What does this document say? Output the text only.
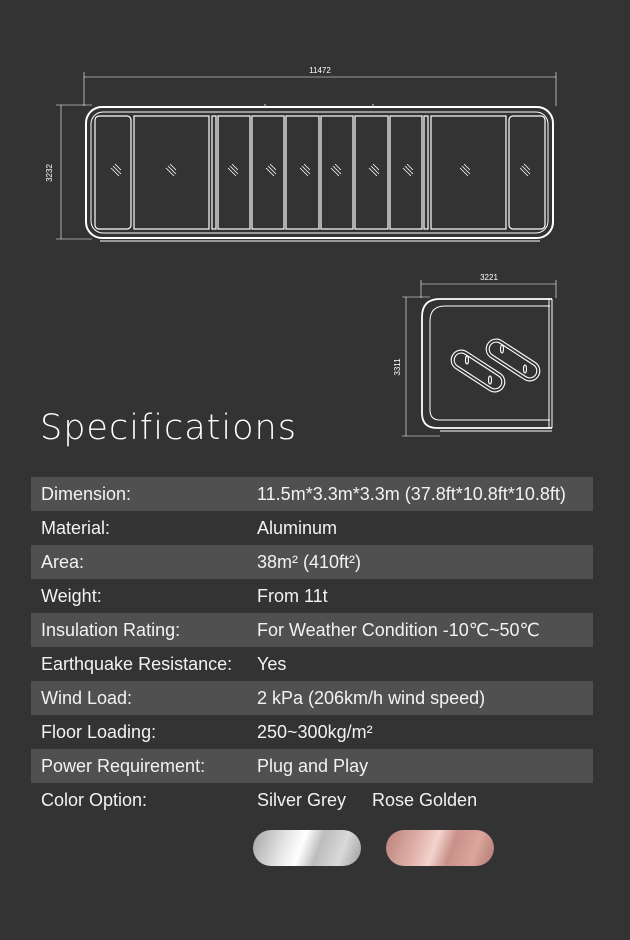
11472
3232
3221
3311
Specifications
Dimension:	11.5m*3.3m*3.3m (37.8ft*10.8ft*10.8ft)
Material:	Aluminum
Area:	38m² (410ft²)
Weight:	From 11t
Insulation Rating:	For Weather Condition -10℃~50℃
Earthquake Resistance:	Yes
Wind Load:	2 kPa (206km/h wind speed)
Floor Loading:	250~300kg/m²
Power Requirement:	Plug and Play
Color Option:	Silver Grey Rose Golden
